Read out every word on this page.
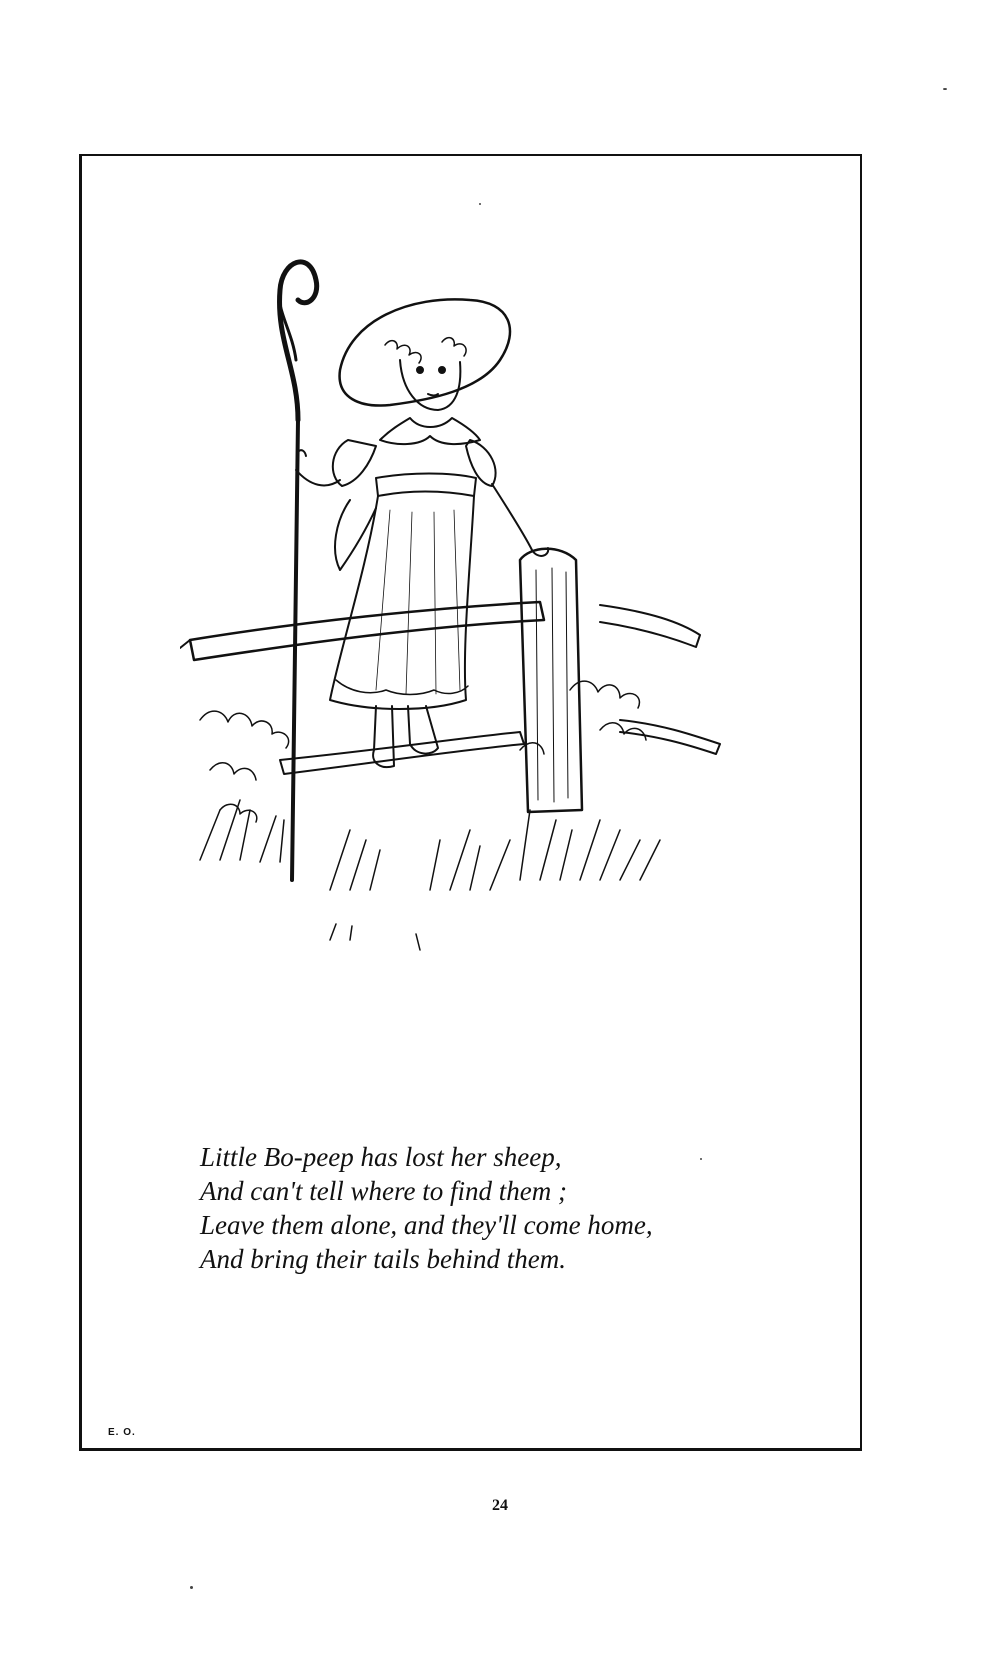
Little Bo-peep has lost her sheep,
And can't tell where to find them ;
Leave them alone, and they'll come home,
And bring their tails behind them.
E. O.
24
